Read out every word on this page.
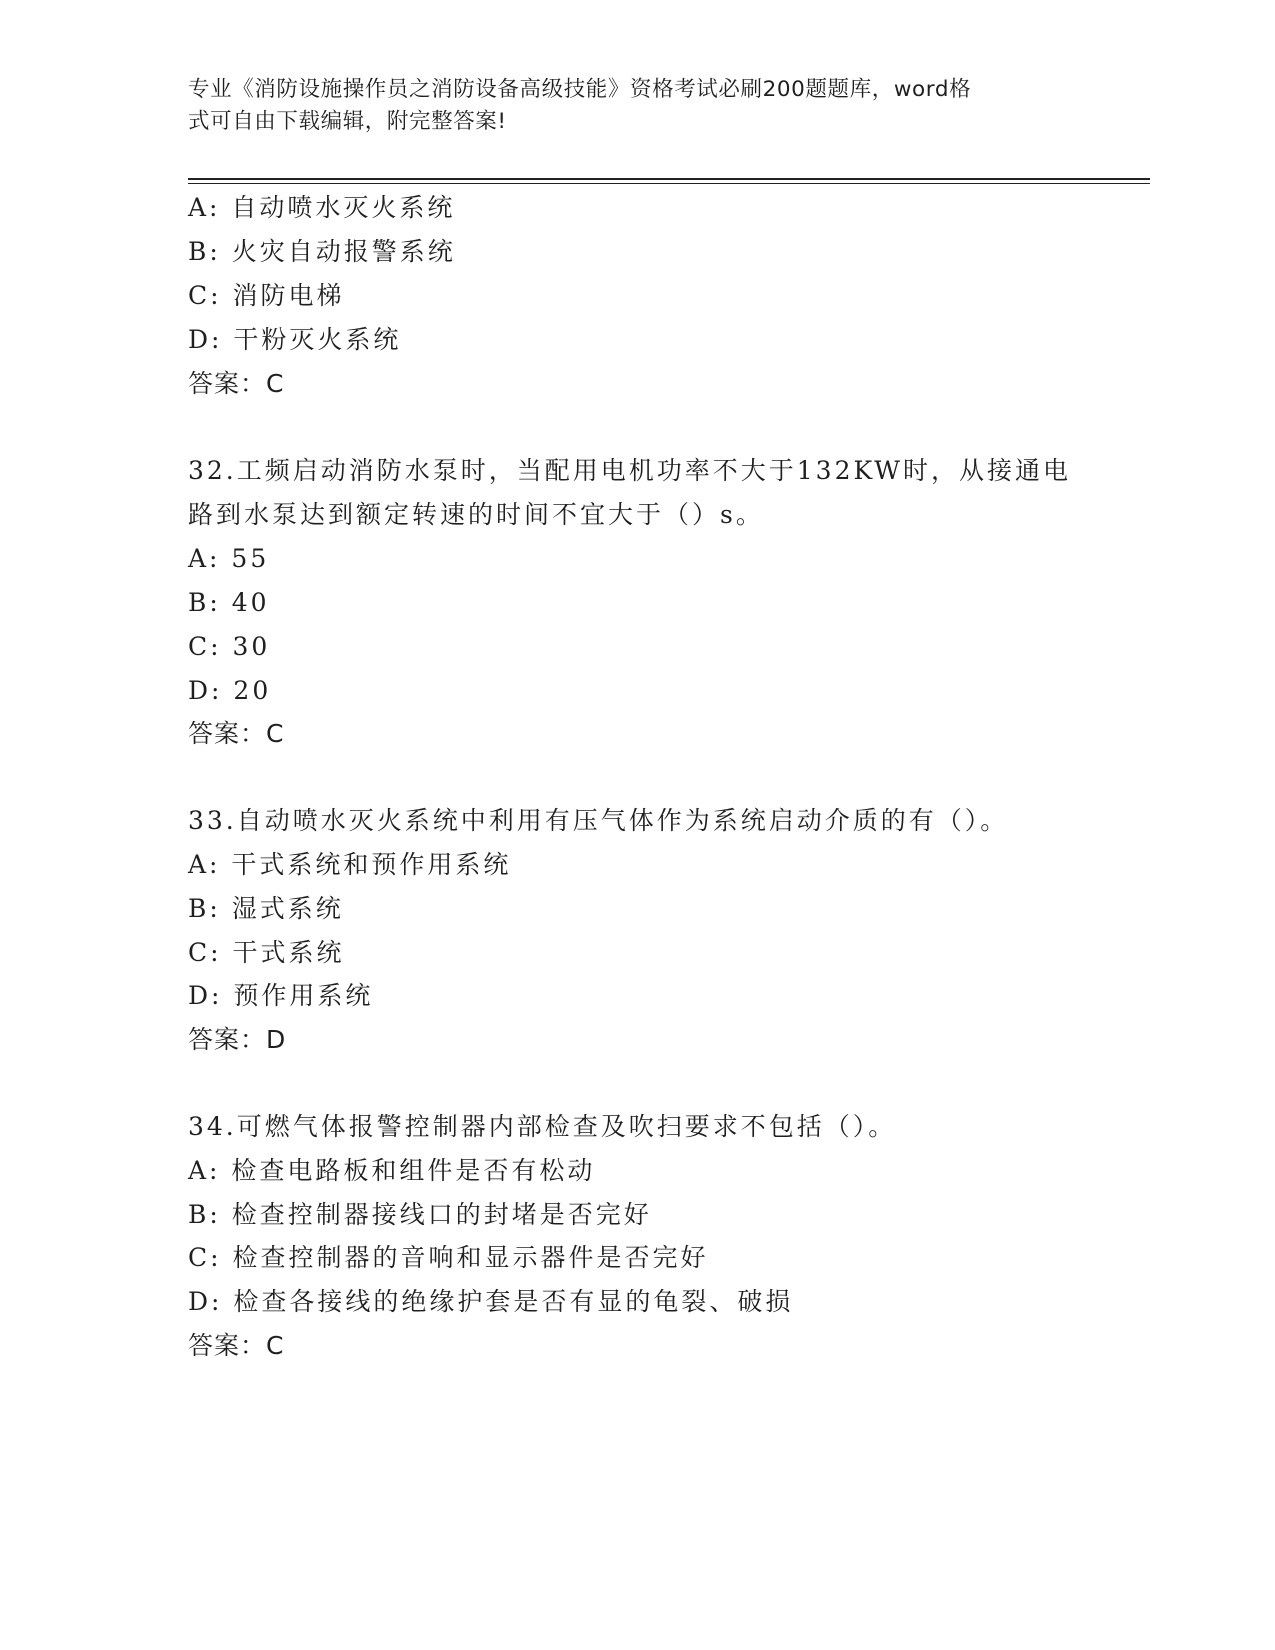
专业《消防设施操作员之消防设备高级技能》资格考试必刷200题题库，word格
式可自由下载编辑，附完整答案!
A: 自动喷水灭火系统
B: 火灾自动报警系统
C: 消防电梯
D: 干粉灭火系统
答案：C
32.工频启动消防水泵时，当配用电机功率不大于132KW时，从接通电
路到水泵达到额定转速的时间不宜大于（）s。
A: 55
B: 40
C: 30
D: 20
答案：C
33.自动喷水灭火系统中利用有压气体作为系统启动介质的有（）。
A: 干式系统和预作用系统
B: 湿式系统
C: 干式系统
D: 预作用系统
答案：D
34.可燃气体报警控制器内部检查及吹扫要求不包括（）。
A: 检查电路板和组件是否有松动
B: 检查控制器接线口的封堵是否完好
C: 检查控制器的音响和显示器件是否完好
D: 检查各接线的绝缘护套是否有显的龟裂、破损
答案：C
